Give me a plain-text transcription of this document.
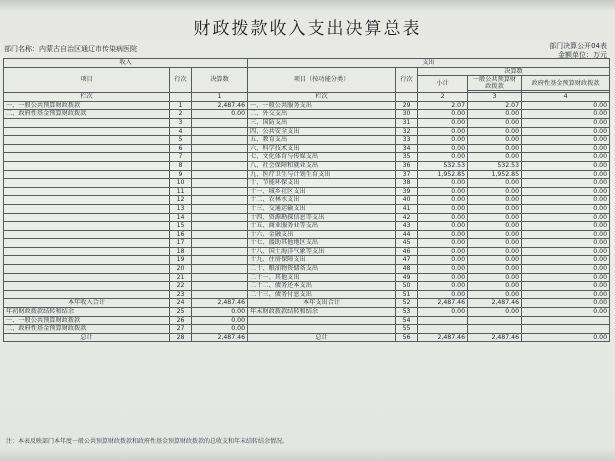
财政拨款收入支出决算总表
部门名称：内蒙古自治区通辽市传染病医院	部门决算公开04表
金额单位：万元
收入			支出				
项目	行次	决算数	项目（按功能分类）	行次	决算数		
					小计	一般公共预算财政拨款	政府性基金预算财政拨款

栏次		1	栏次		2	3	4
一、一般公共预算财政拨款	1	2,487.46	一、一般公共服务支出	29	2.07	2.07	0.00
二、政府性基金预算财政拨款	2	0.00	二、外交支出	30	0.00	0.00	0.00
	3		三、国防支出	31	0.00	0.00	0.00
	4		四、公共安全支出	32	0.00	0.00	0.00
	5		五、教育支出	33	0.00	0.00	0.00
	6		六、科学技术支出	34	0.00	0.00	0.00
	7		七、文化体育与传媒支出	35	0.00	0.00	0.00
	8		八、社会保障和就业支出	36	532.53	532.53	0.00
	9		九、医疗卫生与计划生育支出	37	1,952.85	1,952.85	0.00
	10		十、节能环保支出	38	0.00	0.00	0.00
	11		十一、城乡社区支出	39	0.00	0.00	0.00
	12		十二、农林水支出	40	0.00	0.00	0.00
	13		十三、交通运输支出	41	0.00	0.00	0.00
	14		十四、资源勘探信息等支出	42	0.00	0.00	0.00
	15		十五、商业服务业等支出	43	0.00	0.00	0.00
	16		十六、金融支出	44	0.00	0.00	0.00
	17		十七、援助其他地区支出	45	0.00	0.00	0.00
	18		十八、国土海洋气象等支出	46	0.00	0.00	0.00
	19		十九、住房保障支出	47	0.00	0.00	0.00
	20		二十、粮油物资储备支出	48	0.00	0.00	0.00
	21		二十一、其他支出	49	0.00	0.00	0.00
	22		二十二、债务还本支出	50	0.00	0.00	0.00
	23		二十三、债务付息支出	51	0.00	0.00	0.00
本年收入合计	24	2,487.46	本年支出合计	52	2,487.46	2,487.46	0.00
年初财政拨款结转和结余	25	0.00	年末财政拨款结转和结余	53	0.00	0.00	0.00
一、一般公共预算财政拨款	26	0.00		54			
二、政府性基金预算财政拨款	27	0.00		55			
总计	28	2,487.46	总计	56	2,487.46	2,487.46	0.00
注：本表反映部门本年度一般公共预算财政拨款和政府性基金预算财政拨款的总收支和年末结转结余情况。
